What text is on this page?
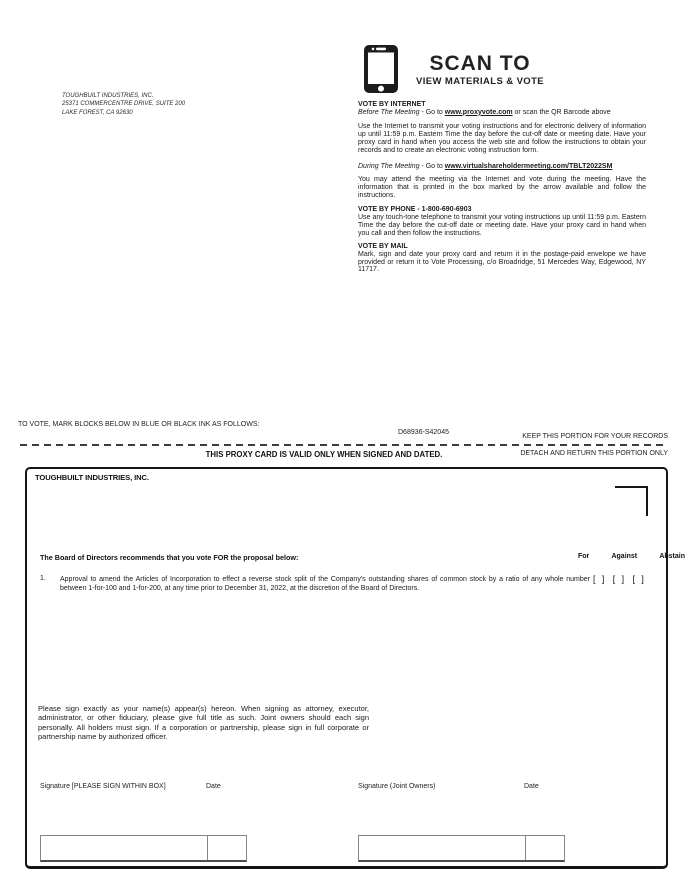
TOUGHBUILT INDUSTRIES, INC.
25371 COMMERCENTRE DRIVE, SUITE 200
LAKE FOREST, CA 92630
SCAN TO
VIEW MATERIALS & VOTE

VOTE BY INTERNET

Before The Meeting - Go to www.proxyvote.com or scan the QR Barcode above

Use the Internet to transmit your voting instructions and for electronic delivery of information up until 11:59 p.m. Eastern Time the day before the cut-off date or meeting date. Have your proxy card in hand when you access the web site and follow the instructions to obtain your records and to create an electronic voting instruction form.

During The Meeting - Go to www.virtualshareholdermeeting.com/TBLT2022SM

You may attend the meeting via the Internet and vote during the meeting. Have the information that is printed in the box marked by the arrow available and follow the instructions.

VOTE BY PHONE - 1-800-690-6903

Use any touch-tone telephone to transmit your voting instructions up until 11:59 p.m. Eastern Time the day before the cut-off date or meeting date. Have your proxy card in hand when you call and then follow the instructions.

VOTE BY MAIL

Mark, sign and date your proxy card and return it in the postage-paid envelope we have provided or return it to Vote Processing, c/o Broadridge, 51 Mercedes Way, Edgewood, NY 11717.

TO VOTE, MARK BLOCKS BELOW IN BLUE OR BLACK INK AS FOLLOWS:
D68936-S42045
KEEP THIS PORTION FOR YOUR RECORDS
THIS PROXY CARD IS VALID ONLY WHEN SIGNED AND DATED.	DETACH AND RETURN THIS PORTION ONLY
TOUGHBUILT INDUSTRIES, INC.
The Board of Directors recommends that you vote FOR the proposal below:	For	Against	Abstain
1. Approval to amend the Articles of Incorporation to effect a reverse stock split of the Company's outstanding shares of common stock by a ratio of any whole number between 1-for-100 and 1-for-200, at any time prior to December 31, 2022, at the discretion of the Board of Directors.
[  ] [  ] [  ]
Please sign exactly as your name(s) appear(s) hereon. When signing as attorney, executor, administrator, or other fiduciary, please give full title as such. Joint owners should each sign personally. All holders must sign. If a corporation or partnership, please sign in full corporate or partnership name by authorized officer.
Signature [PLEASE SIGN WITHIN BOX]	Date	Signature (Joint Owners)	Date
